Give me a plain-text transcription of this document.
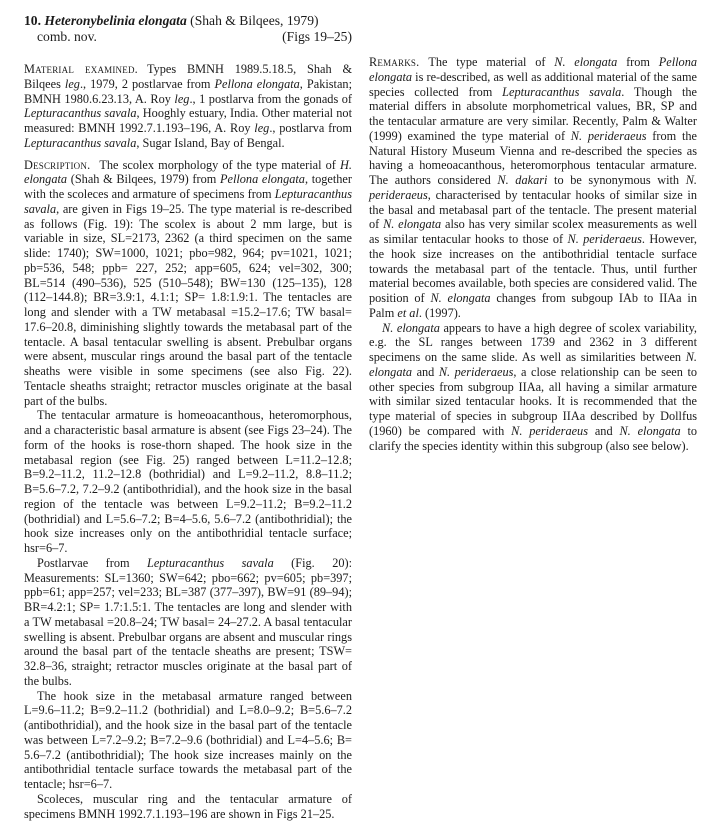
10. Heteronybelinia elongata (Shah & Bilqees, 1979)
comb. nov.	(Figs 19–25)

Material examined. Types BMNH 1989.5.18.5, Shah & Bilqees leg., 1979, 2 postlarvae from Pellona elongata, Pakistan; BMNH 1980.6.23.13, A. Roy leg., 1 postlarva from the gonads of Lepturacanthus savala, Hooghly estuary, India. Other material not measured: BMNH 1992.7.1.193–196, A. Roy leg., postlarva from Lepturacanthus savala, Sugar Island, Bay of Bengal.

Description. The scolex morphology of the type material of H. elongata (Shah & Bilqees, 1979) from Pellona elongata, together with the scoleces and armature of specimens from Lepturacanthus savala, are given in Figs 19–25. The type material is re-described as follows (Fig. 19): The scolex is about 2 mm large, but is variable in size, SL=2173, 2362 (a third specimen on the same slide: 1740); SW=1000, 1021; pbo=982, 964; pv=1021, 1021; pb=536, 548; ppb= 227, 252; app=605, 624; vel=302, 300; BL=514 (490–536), 525 (510–548); BW=130 (125–135), 128 (112–144.8); BR=3.9:1, 4.1:1; SP= 1.8:1.9:1. The tentacles are long and slender with a TW metabasal =15.2–17.6; TW basal= 17.6–20.8, diminishing slightly towards the metabasal part of the tentacle. A basal tentacular swelling is absent. Prebulbar organs were absent, muscular rings around the basal part of the tentacle sheaths were visible in some specimens (see also Fig. 22). Tentacle sheaths straight; retractor muscles originate at the basal part of the bulbs.

The tentacular armature is homeoacanthous, heteromorphous, and a characteristic basal armature is absent (see Figs 23–24). The form of the hooks is rose-thorn shaped. The hook size in the metabasal region (see Fig. 25) ranged between L=11.2–12.8; B=9.2–11.2, 11.2–12.8 (bothridial) and L=9.2–11.2, 8.8–11.2; B=5.6–7.2, 7.2–9.2 (antibothridial), and the hook size in the basal region of the tentacle was between L=9.2–11.2; B=9.2–11.2 (bothridial) and L=5.6–7.2; B=4–5.6, 5.6–7.2 (antibothridial); the hook size increases only on the antibothridial tentacle surface; hsr=6–7.

Postlarvae from Lepturacanthus savala (Fig. 20): Measurements: SL=1360; SW=642; pbo=662; pv=605; pb=397; ppb=61; app=257; vel=233; BL=387 (377–397), BW=91 (89–94); BR=4.2:1; SP= 1.7:1.5:1. The tentacles are long and slender with a TW metabasal =20.8–24; TW basal= 24–27.2. A basal tentacular swelling is absent. Prebulbar organs are absent and muscular rings around the basal part of the tentacle sheaths are present; TSW= 32.8–36, straight; retractor muscles originate at the basal part of the bulbs.

The hook size in the metabasal armature ranged between L=9.6–11.2; B=9.2–11.2 (bothridial) and L=8.0–9.2; B=5.6–7.2 (antibothridial), and the hook size in the basal part of the tentacle was between L=7.2–9.2; B=7.2–9.6 (bothridial) and L=4–5.6; B= 5.6–7.2 (antibothridial); The hook size increases mainly on the antibothridial tentacle surface towards the metabasal part of the tentacle; hsr=6–7.

Scoleces, muscular ring and the tentacular armature of specimens BMNH 1992.7.1.193–196 are shown in Figs 21–25.

Remarks. The type material of N. elongata from Pellona elongata is re-described, as well as additional material of the same species collected from Lepturacanthus savala. Though the material differs in absolute morphometrical values, BR, SP and the tentacular armature are very similar. Recently, Palm & Walter (1999) examined the type material of N. perideraeus from the Natural History Museum Vienna and re-described the species as having a homeoacanthous, heteromorphous tentacular armature. The authors considered N. dakari to be synonymous with N. perideraeus, characterised by tentacular hooks of similar size in the basal and metabasal part of the tentacle. The present material of N. elongata also has very similar scolex measurements as well as similar tentacular hooks to those of N. perideraeus. However, the hook size increases on the antibothridial tentacle surface towards the metabasal part of the tentacle. Thus, until further material becomes available, both species are considered valid. The position of N. elongata changes from subgoup IAb to IIAa in Palm et al. (1997).

N. elongata appears to have a high degree of scolex variability, e.g. the SL ranges between 1739 and 2362 in 3 different specimens on the same slide. As well as similarities between N. elongata and N. perideraeus, a close relationship can be seen to other species from subgroup IIAa, all having a similar armature with similar sized tentacular hooks. It is recommended that the type material of species in subgroup IIAa described by Dollfus (1960) be compared with N. perideraeus and N. elongata to clarify the species identity within this subgroup (also see below).
